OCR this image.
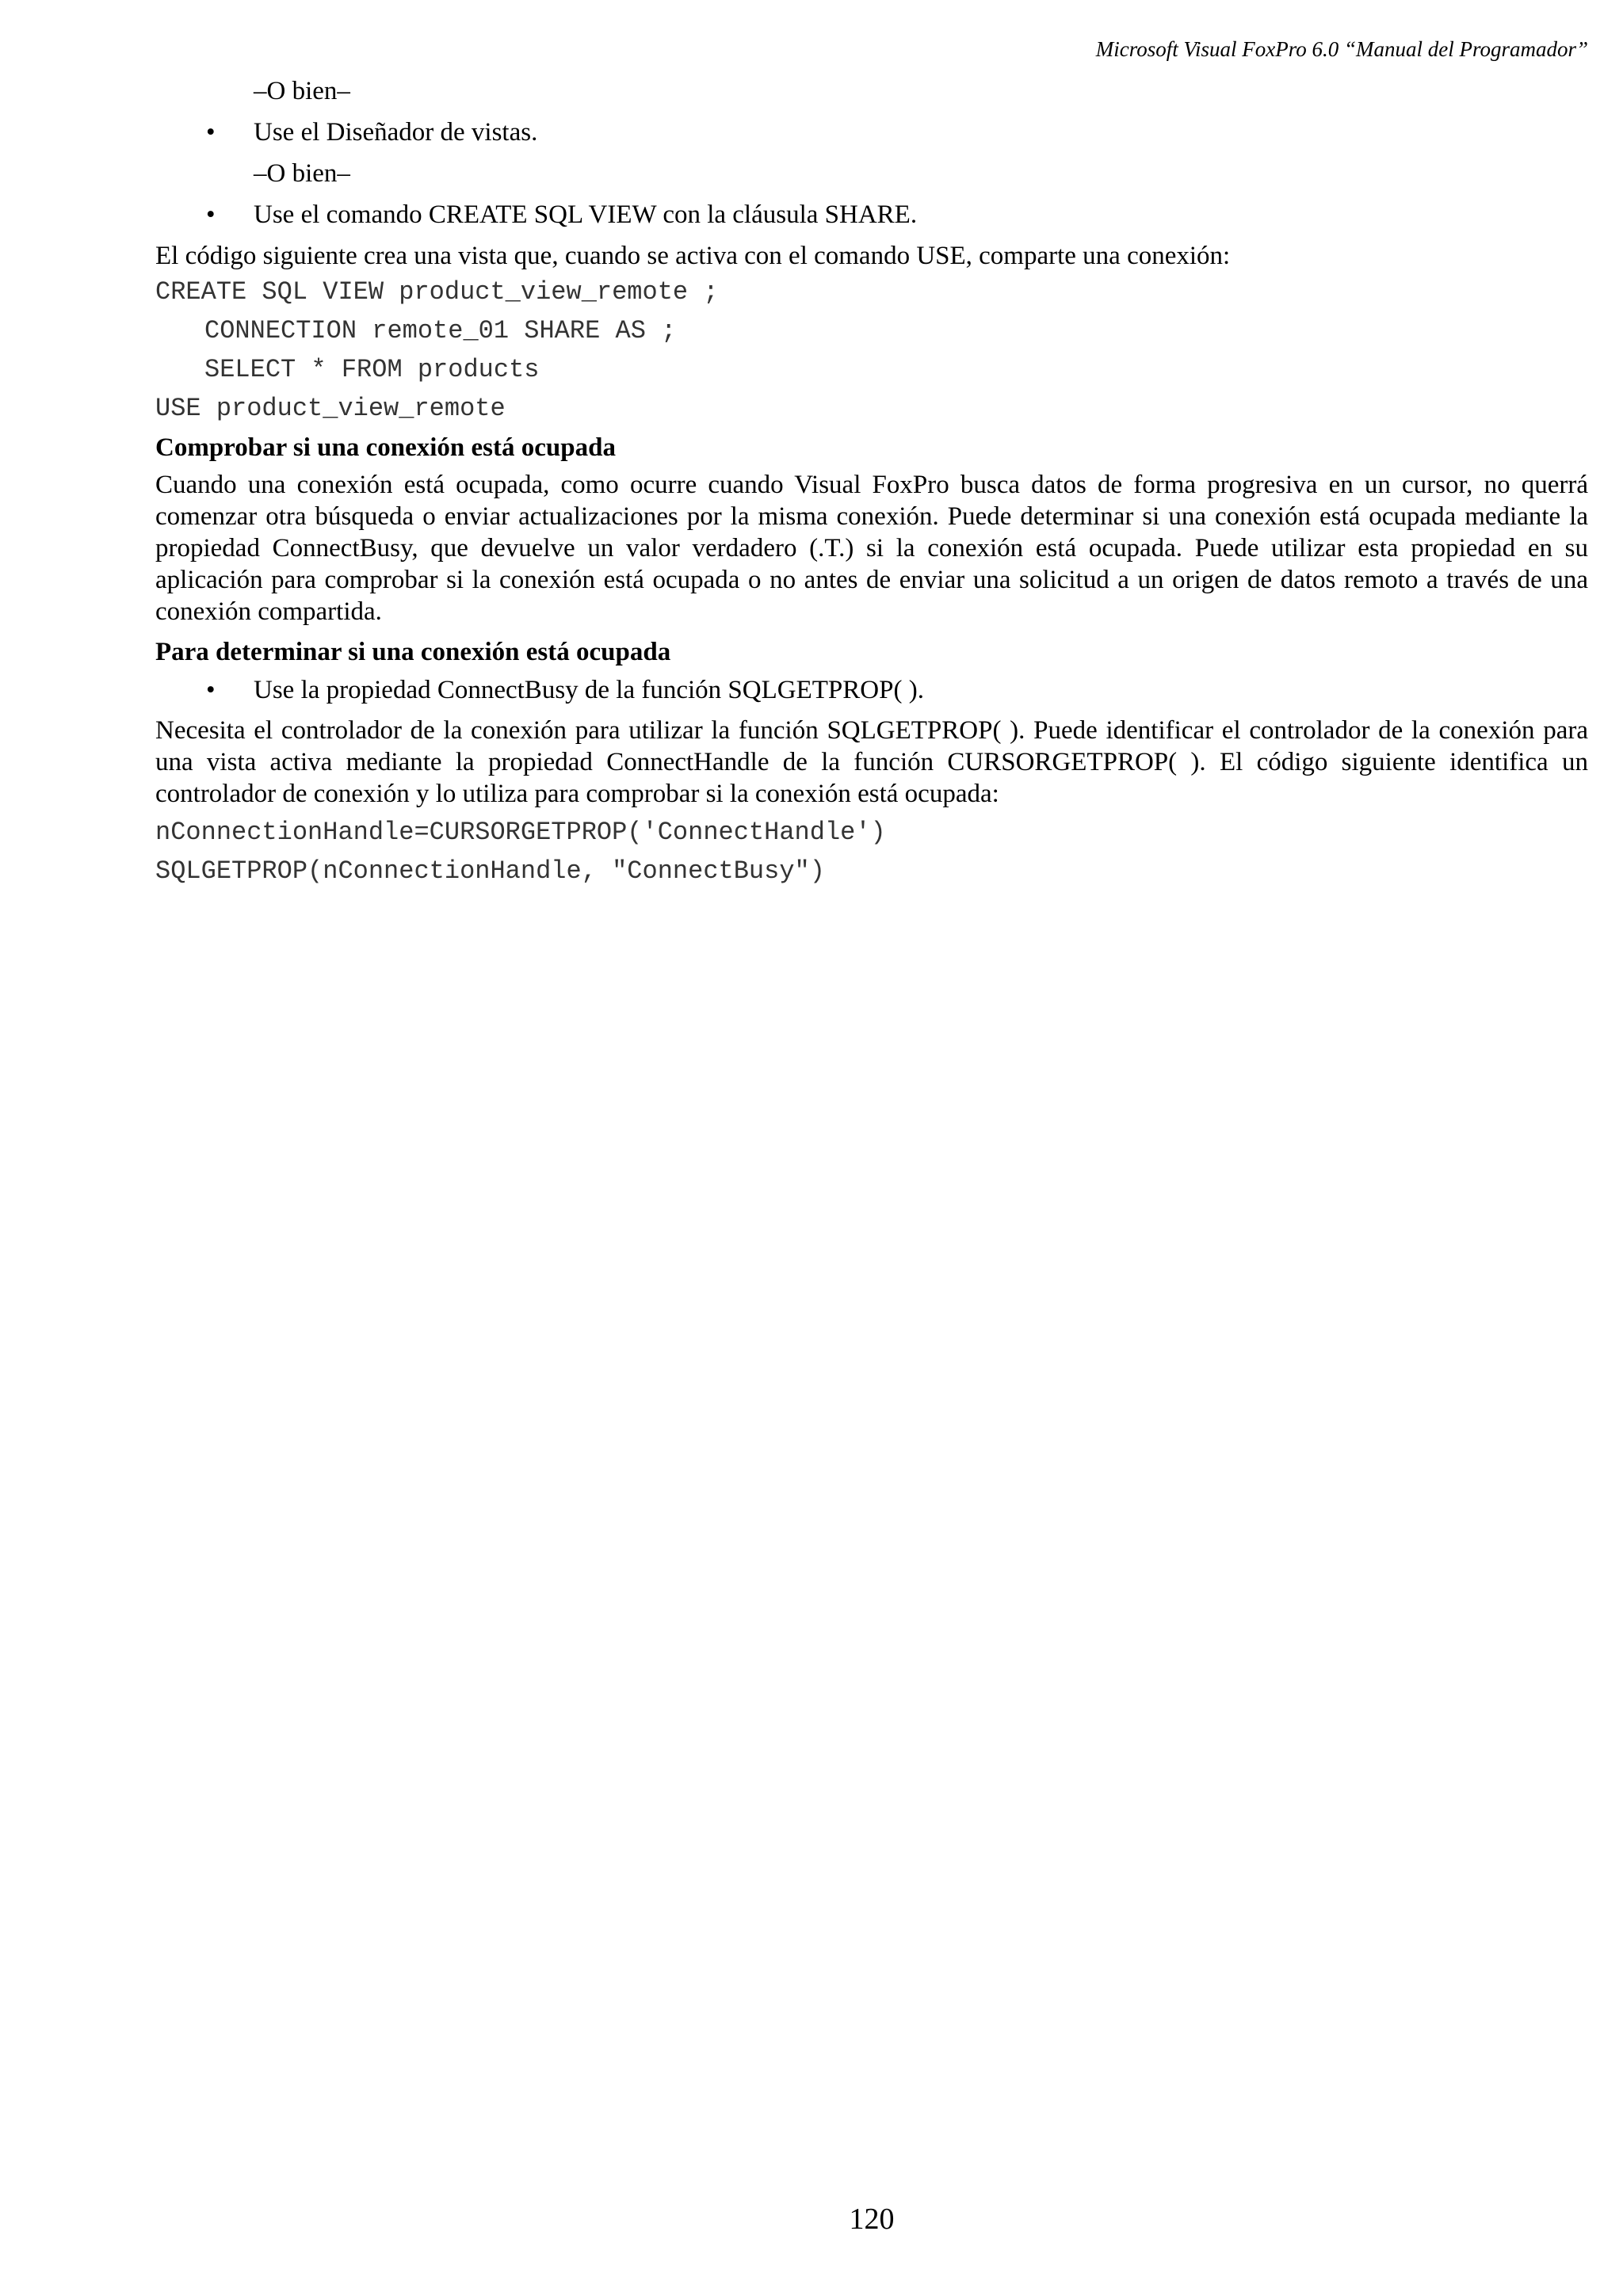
Microsoft Visual FoxPro 6.0 “Manual del Programador”

–O bien–

• Use el Diseñador de vistas.

–O bien–

• Use el comando CREATE SQL VIEW con la cláusula SHARE.

El código siguiente crea una vista que, cuando se activa con el comando USE, comparte una conexión:

CREATE SQL VIEW product_view_remote ;

CONNECTION remote_01 SHARE AS ;

SELECT * FROM products

USE product_view_remote

Comprobar si una conexión está ocupada

Cuando una conexión está ocupada, como ocurre cuando Visual FoxPro busca datos de forma progresiva en un cursor, no querrá comenzar otra búsqueda o enviar actualizaciones por la misma conexión. Puede determinar si una conexión está ocupada mediante la propiedad ConnectBusy, que devuelve un valor verdadero (.T.) si la conexión está ocupada. Puede utilizar esta propiedad en su aplicación para comprobar si la conexión está ocupada o no antes de enviar una solicitud a un origen de datos remoto a través de una conexión compartida.

Para determinar si una conexión está ocupada

• Use la propiedad ConnectBusy de la función SQLGETPROP( ).

Necesita el controlador de la conexión para utilizar la función SQLGETPROP( ). Puede identificar el controlador de la conexión para una vista activa mediante la propiedad ConnectHandle de la función CURSORGETPROP( ). El código siguiente identifica un controlador de conexión y lo utiliza para comprobar si la conexión está ocupada:

nConnectionHandle=CURSORGETPROP('ConnectHandle')

SQLGETPROP(nConnectionHandle, "ConnectBusy")

120
